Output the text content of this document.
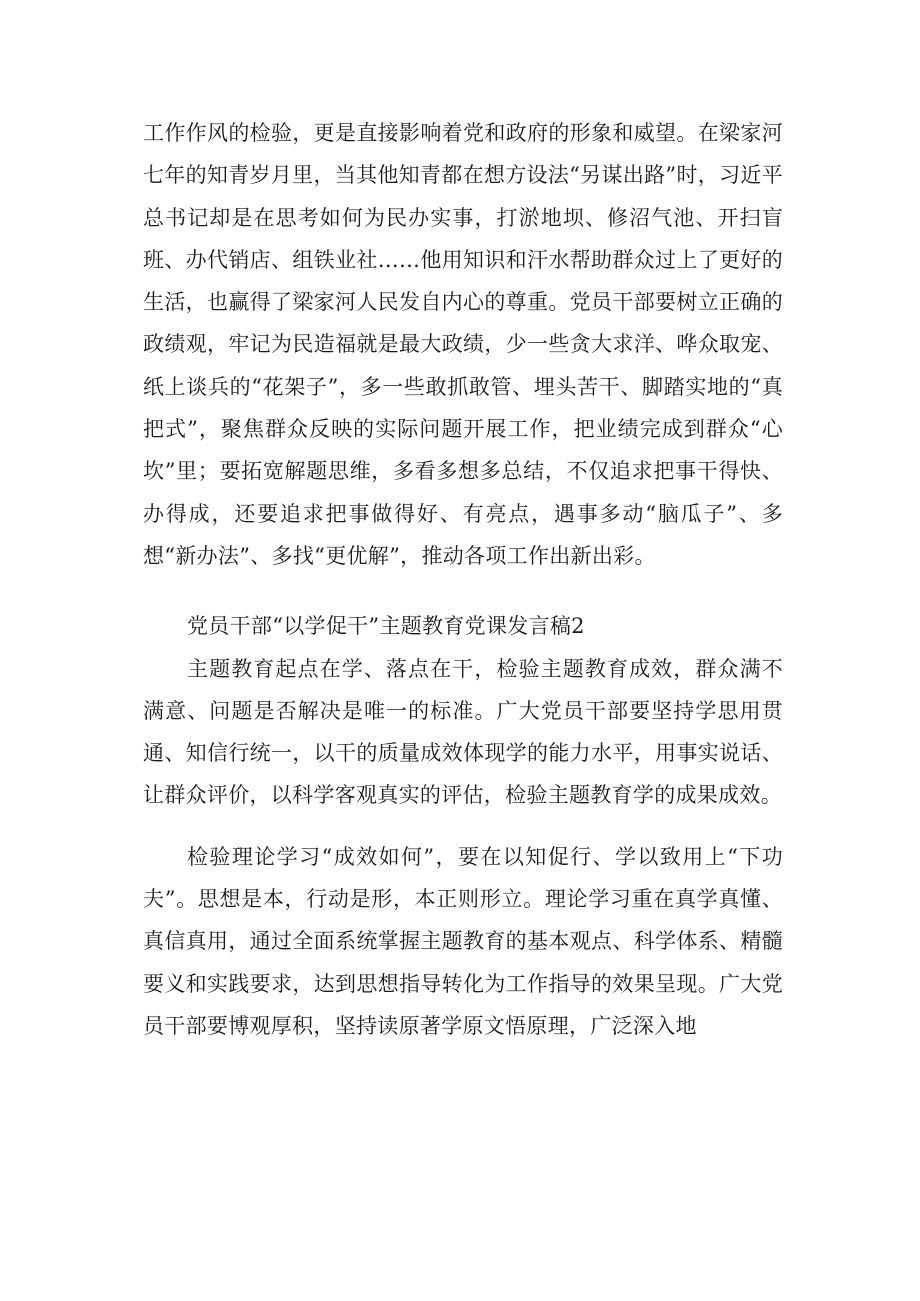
工作作风的检验，更是直接影响着党和政府的形象和威望。在梁家河七年的知青岁月里，当其他知青都在想方设法“另谋出路”时，习近平总书记却是在思考如何为民办实事，打淤地坝、修沼气池、开扫盲班、办代销店、组铁业社……他用知识和汗水帮助群众过上了更好的生活，也赢得了梁家河人民发自内心的尊重。党员干部要树立正确的政绩观，牢记为民造福就是最大政绩，少一些贪大求洋、哗众取宠、纸上谈兵的“花架子”，多一些敢抓敢管、埋头苦干、脚踏实地的“真把式”，聚焦群众反映的实际问题开展工作，把业绩完成到群众“心坎”里；要拓宽解题思维，多看多想多总结，不仅追求把事干得快、办得成，还要追求把事做得好、有亮点，遇事多动“脑瓜子”、多想“新办法”、多找“更优解”，推动各项工作出新出彩。

党员干部“以学促干”主题教育党课发言稿2

主题教育起点在学、落点在干，检验主题教育成效，群众满不满意、问题是否解决是唯一的标准。广大党员干部要坚持学思用贯通、知信行统一，以干的质量成效体现学的能力水平，用事实说话、让群众评价，以科学客观真实的评估，检验主题教育学的成果成效。

检验理论学习“成效如何”，要在以知促行、学以致用上“下功夫”。思想是本，行动是形，本正则形立。理论学习重在真学真懂、真信真用，通过全面系统掌握主题教育的基本观点、科学体系、精髓要义和实践要求，达到思想指导转化为工作指导的效果呈现。广大党员干部要博观厚积，坚持读原著学原文悟原理，广泛深入地
